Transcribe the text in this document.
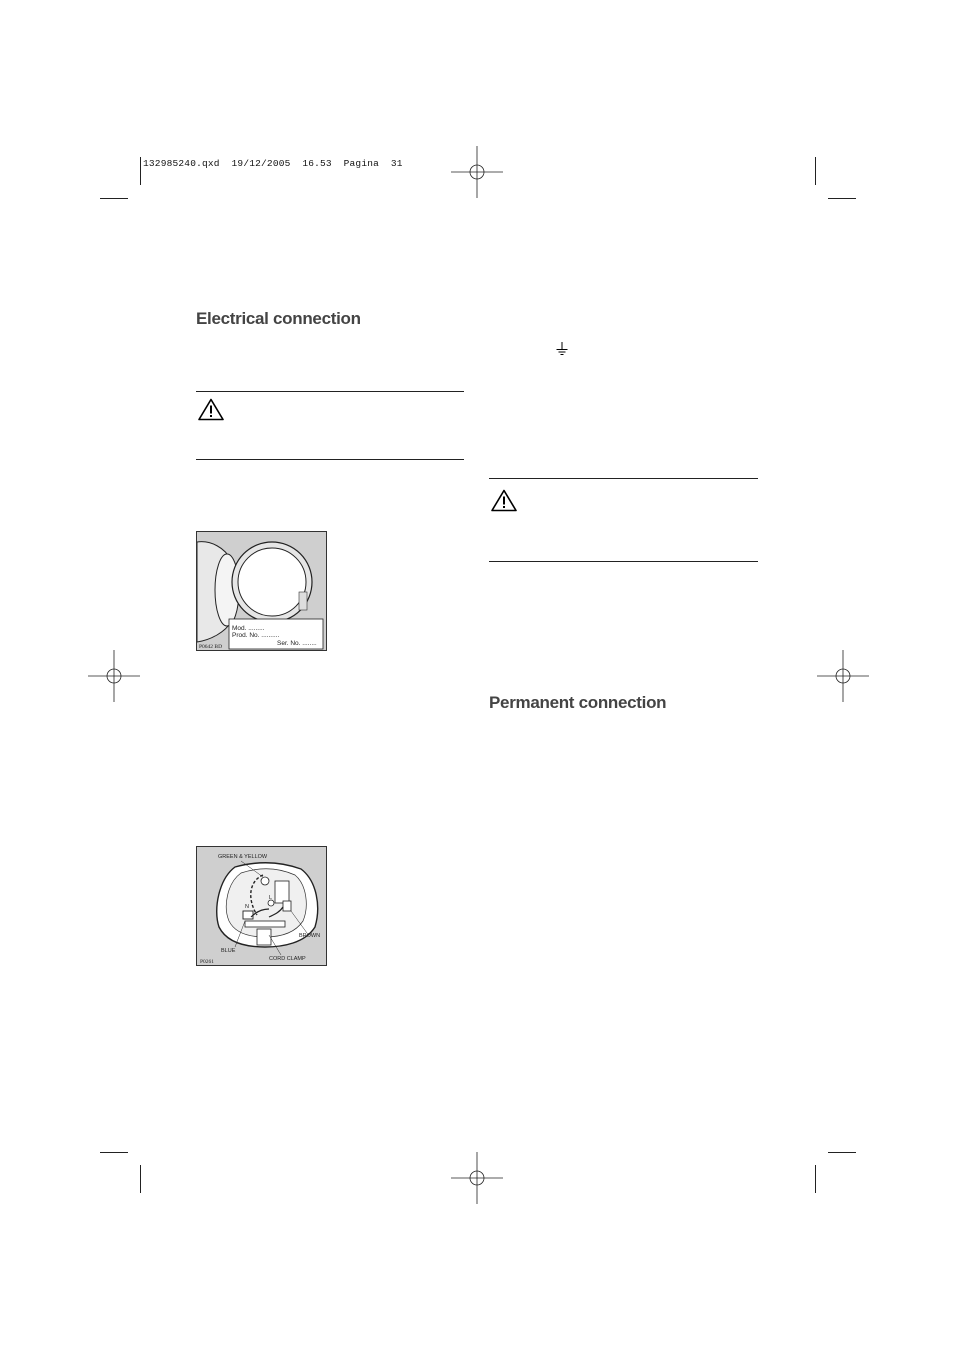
132985240.qxd  19/12/2005  16.53  Pagina  31
Electrical connection
Mod. .........
Prod. No. ..........
Ser. No. ........
P0642 BD
GREEN & YELLOW
N
L
BLUE
BROWN
CORD CLAMP
P0261
Permanent connection
